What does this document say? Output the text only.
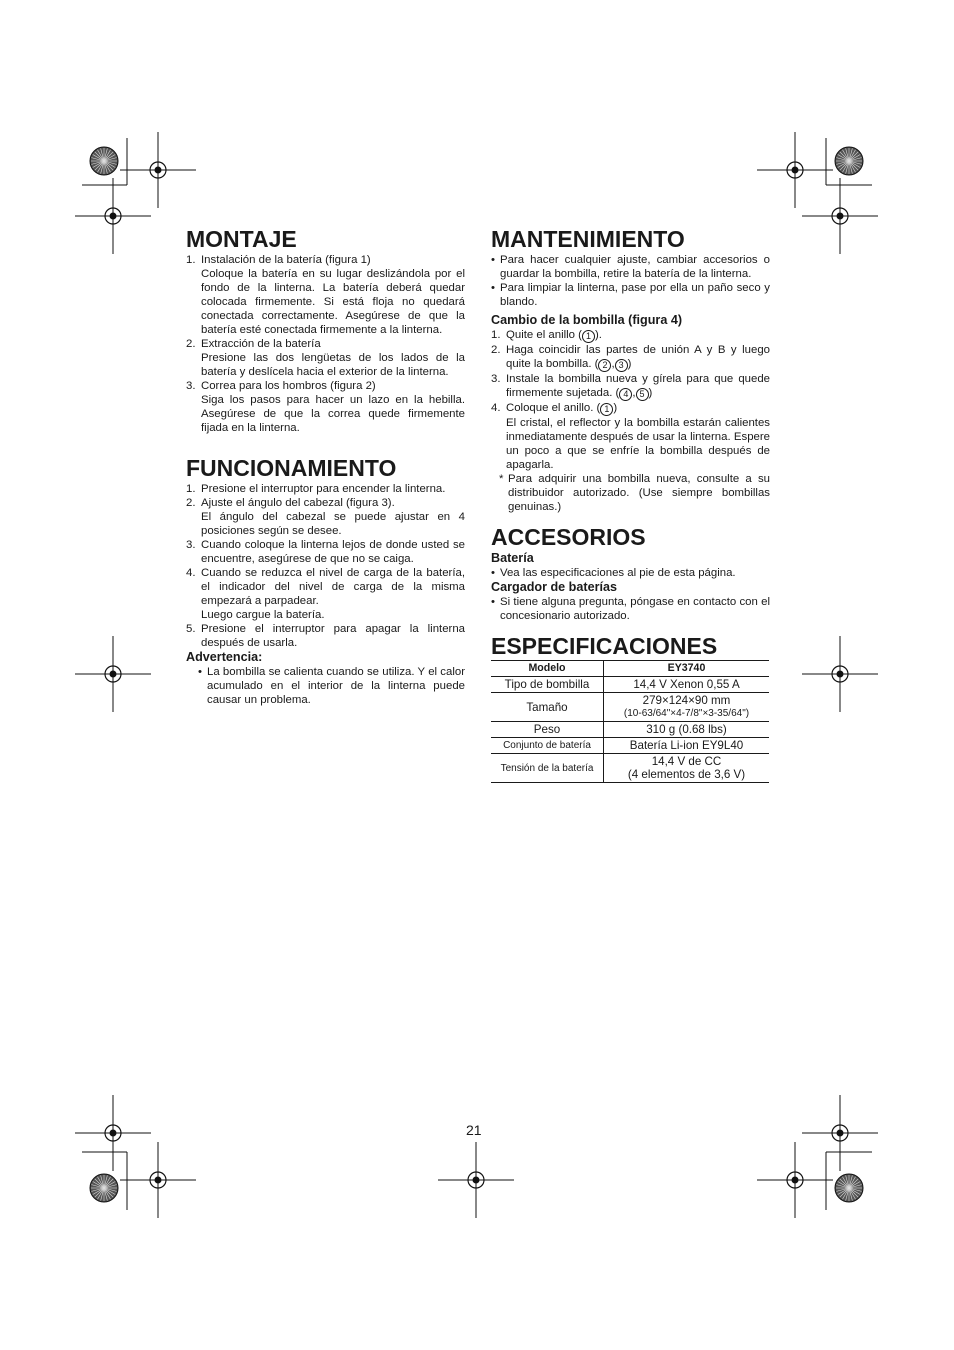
MONTAJE
1. Instalación de la batería (figura 1)
Coloque la batería en su lugar deslizándola por el fondo de la linterna. La batería deberá quedar colocada firmemente. Si está floja no quedará conectada correctamente. Asegúrese de que la batería esté conectada firmemente a la linterna.
2. Extracción de la batería
Presione las dos lengüetas de los lados de la batería y deslícela hacia el exterior de la linterna.
3. Correa para los hombros (figura 2)
Siga los pasos para hacer un lazo en la hebilla. Asegúrese de que la correa quede firmemente fijada en la linterna.
FUNCIONAMIENTO
1. Presione el interruptor para encender la linterna.
2. Ajuste el ángulo del cabezal (figura 3).
El ángulo del cabezal se puede ajustar en 4 posiciones según se desee.
3. Cuando coloque la linterna lejos de donde usted se encuentre, asegúrese de que no se caiga.
4. Cuando se reduzca el nivel de carga de la batería, el indicador del nivel de carga de la misma empezará a parpadear.
Luego cargue la batería.
5. Presione el interruptor para apagar la linterna después de usarla.
Advertencia:
• La bombilla se calienta cuando se utiliza. Y el calor acumulado en el interior de la linterna puede causar un problema.
MANTENIMIENTO
• Para hacer cualquier ajuste, cambiar accesorios o guardar la bombilla, retire la batería de la linterna.
• Para limpiar la linterna, pase por ella un paño seco y blando.
Cambio de la bombilla (figura 4)
1. Quite el anillo ( 1 ).
2. Haga coincidir las partes de unión A y B y luego quite la bombilla. ( 2 , 3 )
3. Instale la bombilla nueva y gírela para que quede firmemente sujetada. ( 4 , 5 )
4. Coloque el anillo. ( 1 )
El cristal, el reflector y la bombilla estarán calientes inmediatamente después de usar la linterna. Espere un poco a que se enfríe la bombilla después de apagarla.
* Para adquirir una bombilla nueva, consulte a su distribuidor autorizado. (Use siempre bombillas genuinas.)
ACCESORIOS
Batería
• Vea las especificaciones al pie de esta página.
Cargador de baterías
• Si tiene alguna pregunta, póngase en contacto con el concesionario autorizado.
ESPECIFICACIONES
Modelo	EY3740
Tipo de bombilla	14,4 V Xenon 0,55 A
Tamaño	279×124×90 mm
(10-63/64"×4-7/8"×3-35/64")

Peso	310 g (0.68 lbs)
Conjunto de batería	Batería Li-ion EY9L40
Tensión de la batería	14,4 V de CC
(4 elementos de 3,6 V)
21
